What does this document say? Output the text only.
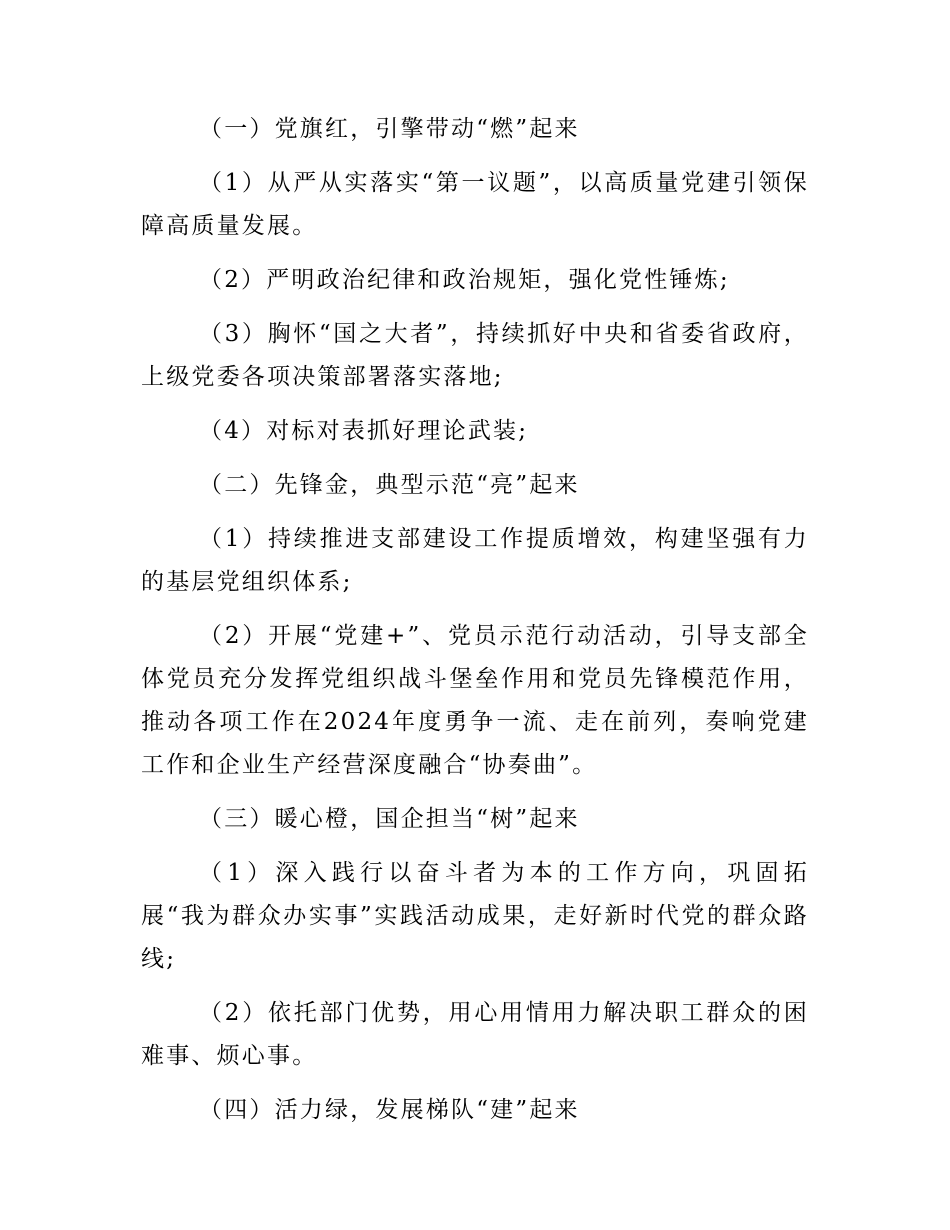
（一）党旗红，引擎带动“燃”起来

（1）从严从实落实“第一议题”，以高质量党建引领保障高质量发展。

（2）严明政治纪律和政治规矩，强化党性锤炼;

（3）胸怀“国之大者”，持续抓好中央和省委省政府，上级党委各项决策部署落实落地;

（4）对标对表抓好理论武装;

（二）先锋金，典型示范“亮”起来

（1）持续推进支部建设工作提质增效，构建坚强有力的基层党组织体系;

（2）开展“党建+”、党员示范行动活动，引导支部全体党员充分发挥党组织战斗堡垒作用和党员先锋模范作用，推动各项工作在2024年度勇争一流、走在前列，奏响党建工作和企业生产经营深度融合“协奏曲”。

（三）暖心橙，国企担当“树”起来

（1）深入践行以奋斗者为本的工作方向，巩固拓展“我为群众办实事”实践活动成果，走好新时代党的群众路线;

（2）依托部门优势，用心用情用力解决职工群众的困难事、烦心事。

（四）活力绿，发展梯队“建”起来
